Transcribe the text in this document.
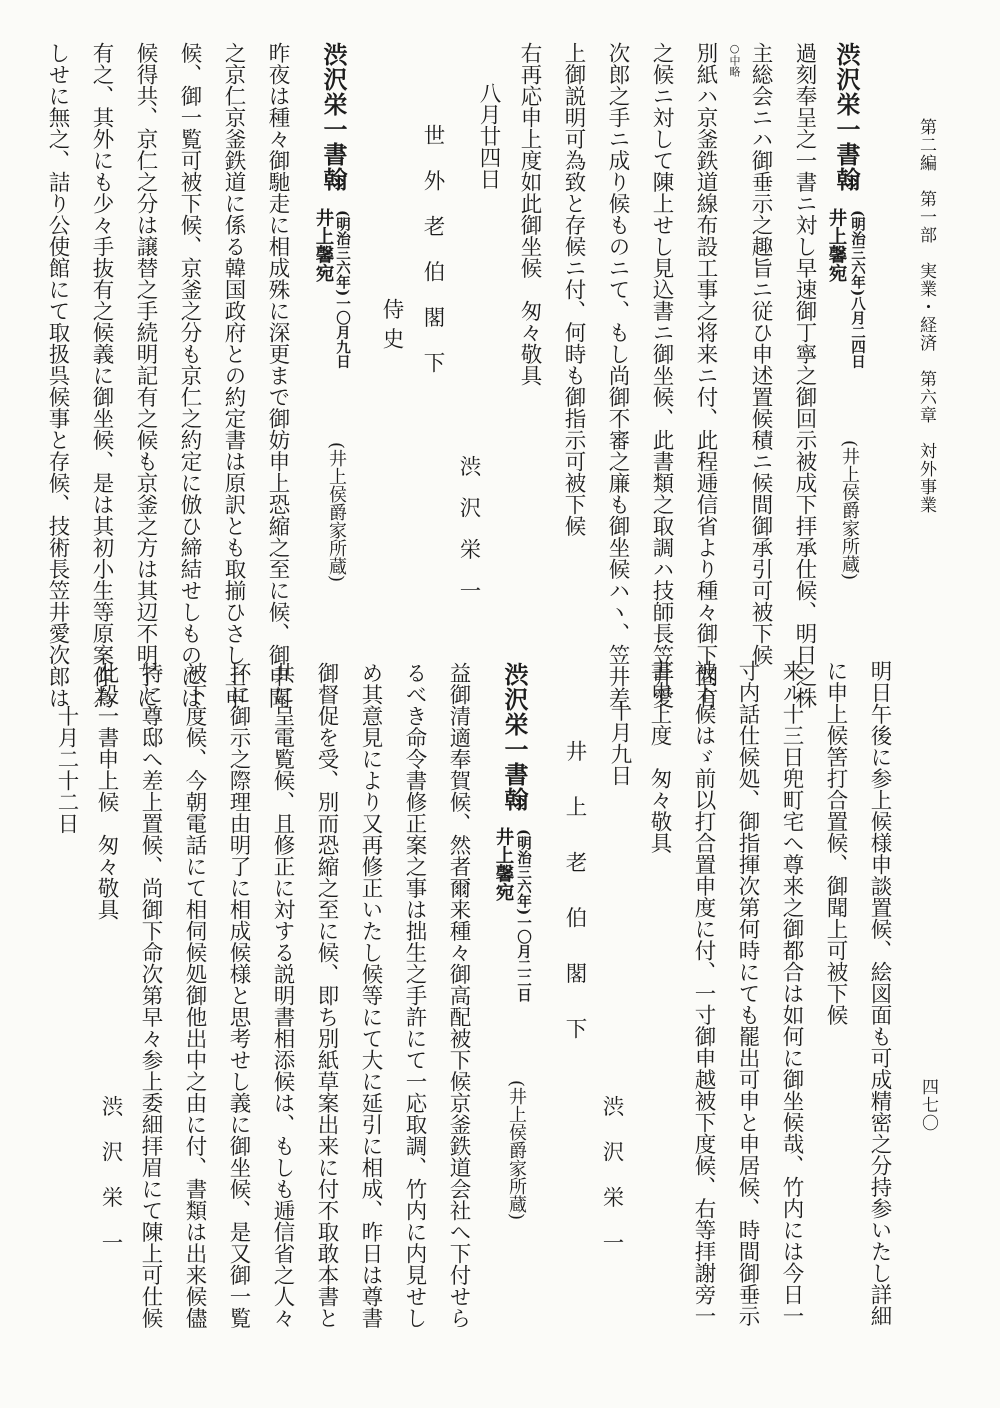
第二編　第一部　実業・経済　第六章　対外事業

四七〇

渋沢栄一書翰

井上馨宛 (明治三六年)八月二四日

(井上侯爵家所蔵)

過刻奉呈之一書ニ対し早速御丁寧之御回示被成下拝承仕候、明日之株

主総会ニハ御垂示之趣旨ニ従ひ申述置候積ニ候間御承引可被下候

○中略

別紙ハ京釜鉄道線布設工事之将来ニ付、此程逓信省より種々御下問有

之候ニ対して陳上せし見込書ニ御坐候、此書類之取調ハ技師長笠井愛

次郎之手ニ成り候ものニて、もし尚御不審之廉も御坐候ハヽ、笠井差

上御説明可為致と存候ニ付、何時も御指示可被下候

右再応申上度如此御坐候　匆々敬具

八月廿四日

渋沢栄一

世外老伯閣下

侍史

渋沢栄一書翰

井上馨宛 (明治三六年)一〇月九日

(井上侯爵家所蔵)

昨夜は種々御馳走に相成殊に深更まで御妨申上恐縮之至に候、御申聞

之京仁京釜鉄道に係る韓国政府との約定書は原訳とも取揃ひさし上申

候、御一覧可被下候、京釜之分も京仁之約定に倣ひ締結せしものには

候得共、京仁之分は譲替之手続明記有之候も京釜之方は其辺不明了に

有之、其外にも少々手抜有之候義に御坐候、是は其初小生等原案作為

しせに無之、詰り公使館にて取扱呉候事と存候、技術長笠井愛次郎は

明日午後に参上候様申談置候、絵図面も可成精密之分持参いたし詳細

に申上候筈打合置候、御聞上可被下候

来ル十三日兜町宅へ尊来之御都合は如何に御坐候哉、竹内には今日一

寸内話仕候処、御指揮次第何時にても罷出可申と申居候、時間御垂示

被下候はゞ前以打合置申度に付、一寸御申越被下度候、右等拝謝旁一

書申上度　匆々敬具

十月九日

渋沢栄一

井上老伯閣下

渋沢栄一書翰

井上馨宛 (明治三六年)一〇月二二日

(井上侯爵家所蔵)

益御清適奉賀候、然者爾来種々御高配被下候京釜鉄道会社へ下付せら

るべき命令書修正案之事は拙生之手許にて一応取調、竹内に内見せし

め其意見により又再修正いたし候等にて大に延引に相成、昨日は尊書

御督促を受、別而恐縮之至に候、即ち別紙草案出来に付不取敢本書と

共に呈電覧候、且修正に対する説明書相添候は、もしも逓信省之人々

抔に御示之際理由明了に相成候様と思考せし義に御坐候、是又御一覧

被下度候、今朝電話にて相伺候処御他出中之由に付、書類は出来候儘

特に尊邸へ差上置候、尚御下命次第早々参上委細拝眉にて陳上可仕候

此段一書申上候　匆々敬具

十月二十二日

渋沢栄一
